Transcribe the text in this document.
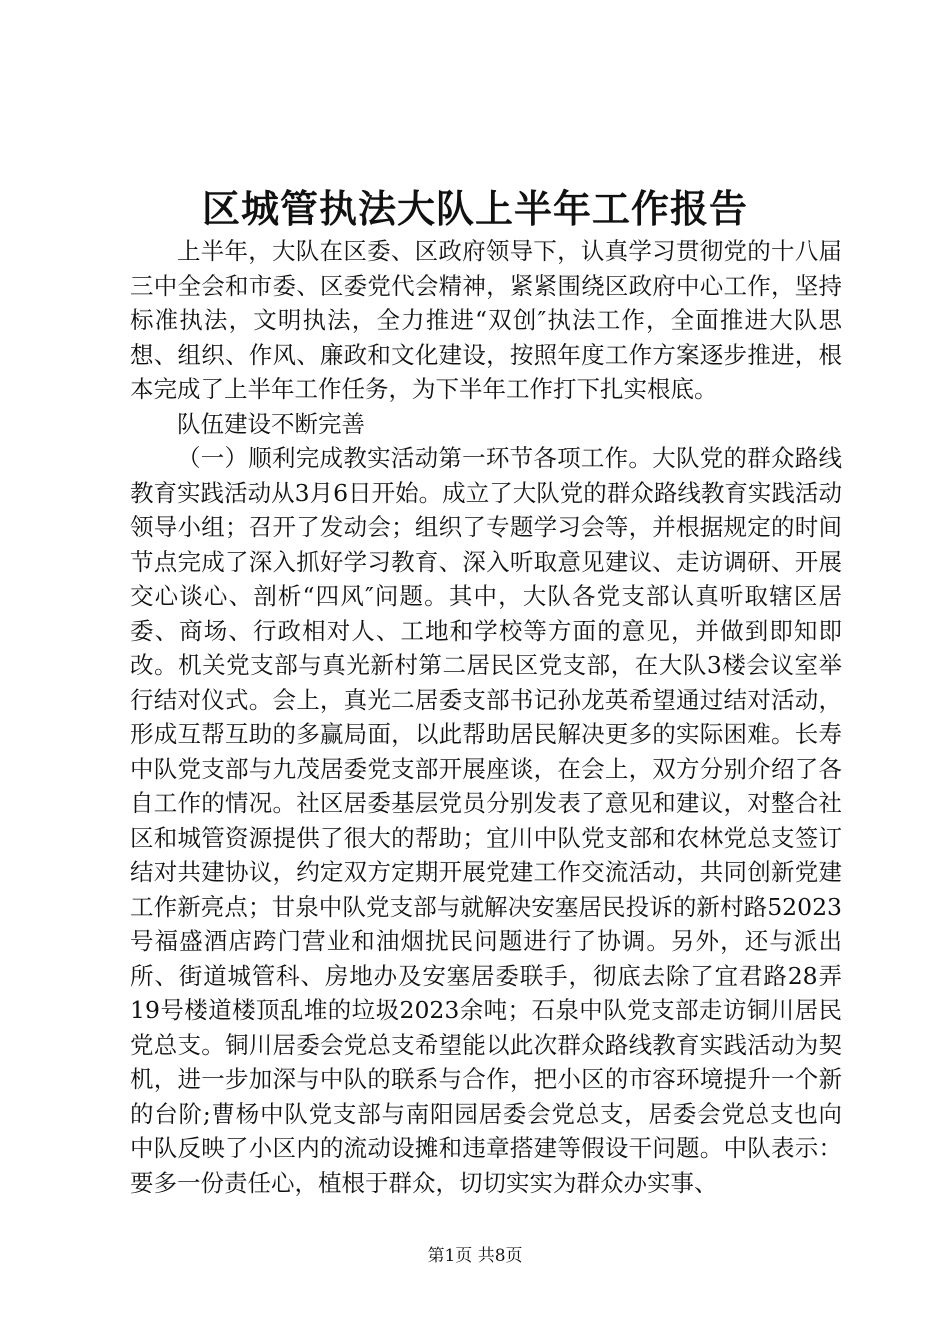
区城管执法大队上半年工作报告

上半年，大队在区委、区政府领导下，认真学习贯彻党的十八届三中全会和市委、区委党代会精神，紧紧围绕区政府中心工作，坚持标准执法，文明执法，全力推进“双创″执法工作，全面推进大队思想、组织、作风、廉政和文化建设，按照年度工作方案逐步推进，根本完成了上半年工作任务，为下半年工作打下扎实根底。

队伍建设不断完善

（一）顺利完成教实活动第一环节各项工作。大队党的群众路线教育实践活动从3月6日开始。成立了大队党的群众路线教育实践活动领导小组；召开了发动会；组织了专题学习会等，并根据规定的时间节点完成了深入抓好学习教育、深入听取意见建议、走访调研、开展交心谈心、剖析“四风″问题。其中，大队各党支部认真听取辖区居委、商场、行政相对人、工地和学校等方面的意见，并做到即知即改。机关党支部与真光新村第二居民区党支部，在大队3楼会议室举行结对仪式。会上，真光二居委支部书记孙龙英希望通过结对活动，形成互帮互助的多赢局面，以此帮助居民解决更多的实际困难。长寿中队党支部与九茂居委党支部开展座谈，在会上，双方分别介绍了各自工作的情况。社区居委基层党员分别发表了意见和建议，对整合社区和城管资源提供了很大的帮助；宜川中队党支部和农林党总支签订结对共建协议，约定双方定期开展党建工作交流活动，共同创新党建工作新亮点；甘泉中队党支部与就解决安塞居民投诉的新村路52023号福盛酒店跨门营业和油烟扰民问题进行了协调。另外，还与派出所、街道城管科、房地办及安塞居委联手，彻底去除了宜君路28弄19号楼道楼顶乱堆的垃圾2023余吨；石泉中队党支部走访铜川居民党总支。铜川居委会党总支希望能以此次群众路线教育实践活动为契机，进一步加深与中队的联系与合作，把小区的市容环境提升一个新的台阶;曹杨中队党支部与南阳园居委会党总支，居委会党总支也向中队反映了小区内的流动设摊和违章搭建等假设干问题。中队表示：要多一份责任心，植根于群众，切切实实为群众办实事、

第1页 共8页
